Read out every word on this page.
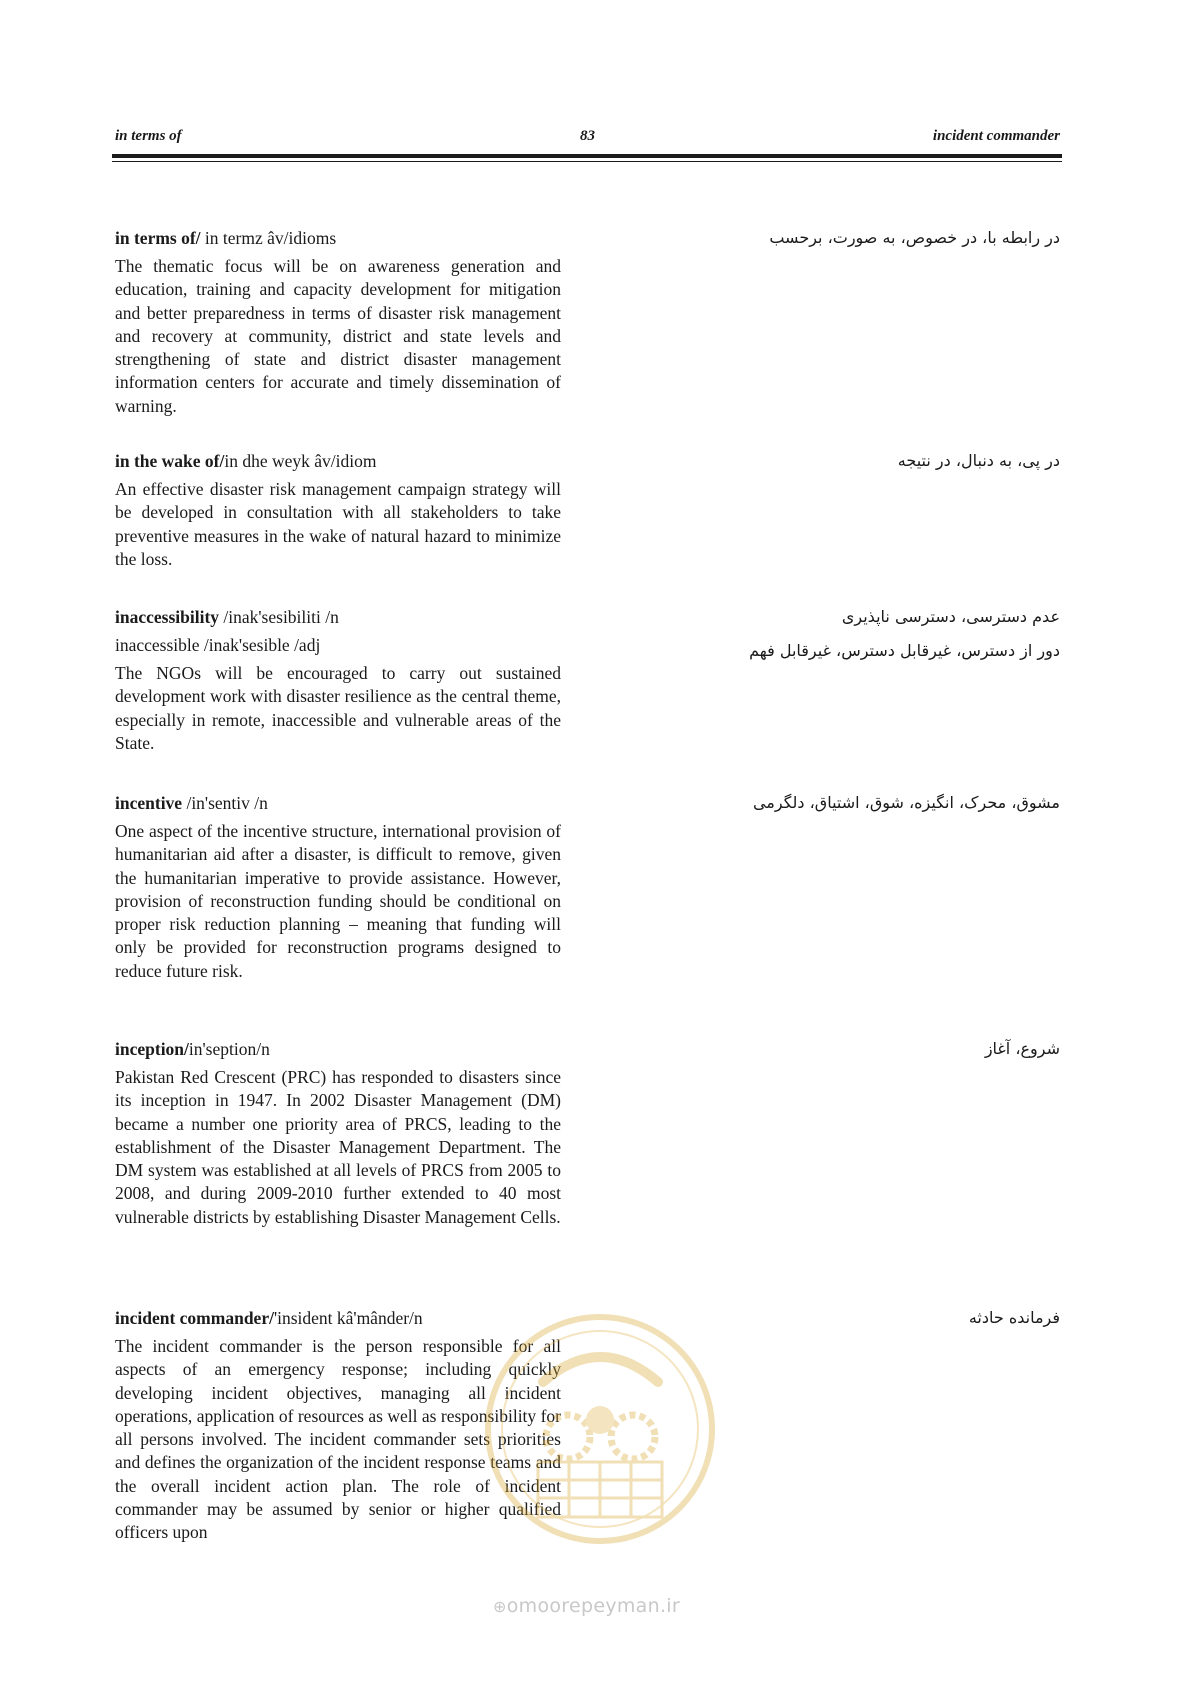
in terms of	83	incident commander
در رابطه با، در خصوص، به صورت، برحسب

in terms of/ in termz âv/idioms

The thematic focus will be on awareness generation and education, training and capacity development for mitigation and better preparedness in terms of disaster risk management and recovery at community, district and state levels and strengthening of state and district disaster management information centers for accurate and timely dissemination of warning.

در پی، به دنبال، در نتیجه

in the wake of/in dhe weyk âv/idiom

An effective disaster risk management campaign strategy will be developed in consultation with all stakeholders to take preventive measures in the wake of natural hazard to minimize the loss.

عدم دسترسی، دسترسی ناپذیری
دور از دسترس، غیرقابل دسترس، غیرقابل فهم

inaccessibility /inak'sesibiliti /n

inaccessible /inak'sesible /adj

The NGOs will be encouraged to carry out sustained development work with disaster resilience as the central theme, especially in remote, inaccessible and vulnerable areas of the State.

مشوق، محرک، انگیزه، شوق، اشتیاق، دلگرمی

incentive /in'sentiv /n

One aspect of the incentive structure, international provision of humanitarian aid after a disaster, is difficult to remove, given the humanitarian imperative to provide assistance. However, provision of reconstruction funding should be conditional on proper risk reduction planning – meaning that funding will only be provided for reconstruction programs designed to reduce future risk.

شروع، آغاز

inception/in'seption/n

Pakistan Red Crescent (PRC) has responded to disasters since its inception in 1947. In 2002 Disaster Management (DM) became a number one priority area of PRCS, leading to the establishment of the Disaster Management Department. The DM system was established at all levels of PRCS from 2005 to 2008, and during 2009-2010 further extended to 40 most vulnerable districts by establishing Disaster Management Cells.

فرمانده حادثه

incident commander/'insident kâ'mânder/n

The incident commander is the person responsible for all aspects of an emergency response; including quickly developing incident objectives, managing all incident operations, application of resources as well as responsibility for all persons involved. The incident commander sets priorities and defines the organization of the incident response teams and the overall incident action plan. The role of incident commander may be assumed by senior or higher qualified officers upon

⊕omoorepeyman.ir
